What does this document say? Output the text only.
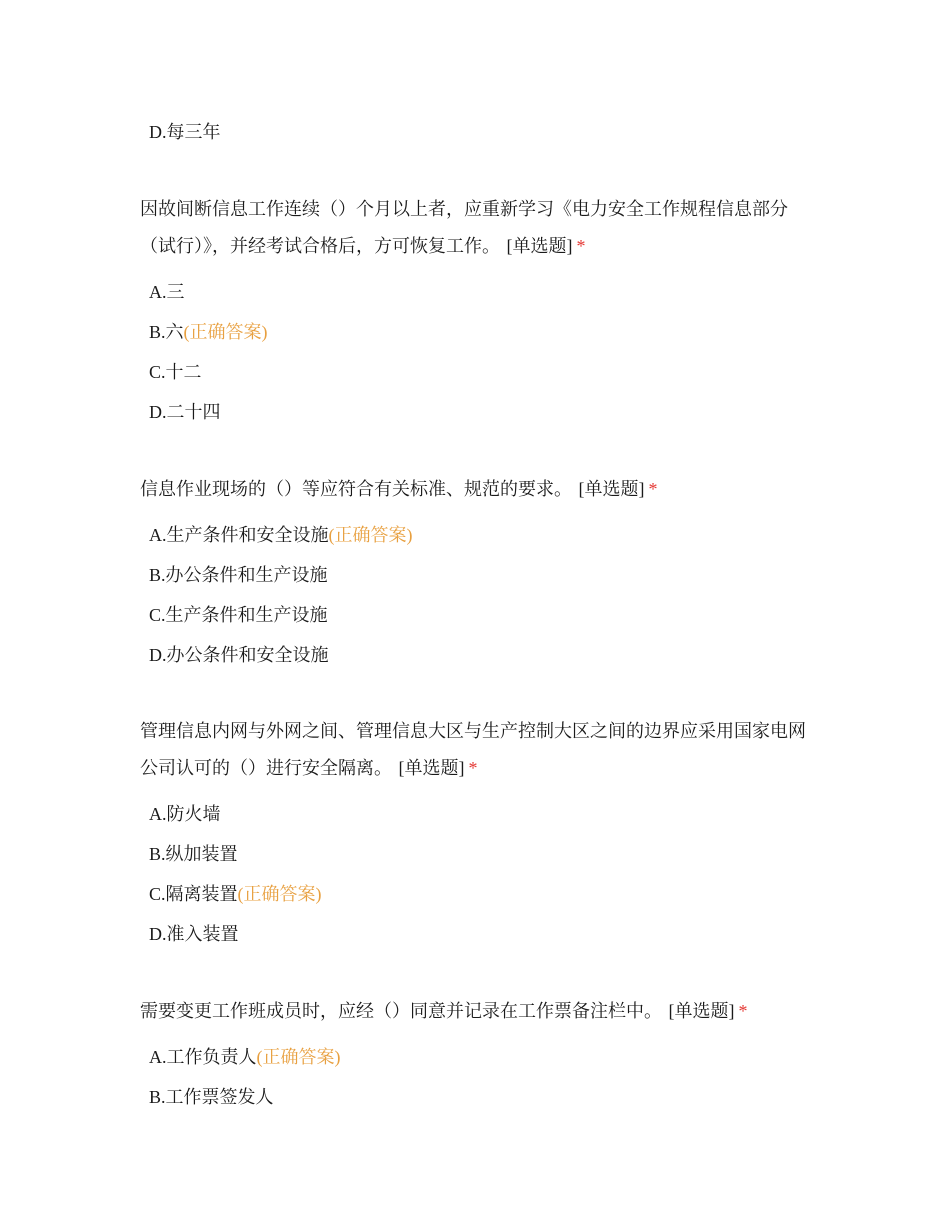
D.每三年

因故间断信息工作连续（）个月以上者，应重新学习《电力安全工作规程信息部分（试行）》，并经考试合格后，方可恢复工作。 [单选题] *

A.三
B.六(正确答案)
C.十二
D.二十四

信息作业现场的（）等应符合有关标准、规范的要求。 [单选题] *

A.生产条件和安全设施(正确答案)
B.办公条件和生产设施
C.生产条件和生产设施
D.办公条件和安全设施

管理信息内网与外网之间、管理信息大区与生产控制大区之间的边界应采用国家电网公司认可的（）进行安全隔离。 [单选题] *

A.防火墙
B.纵加装置
C.隔离装置(正确答案)
D.准入装置

需要变更工作班成员时，应经（）同意并记录在工作票备注栏中。 [单选题] *

A.工作负责人(正确答案)
B.工作票签发人
